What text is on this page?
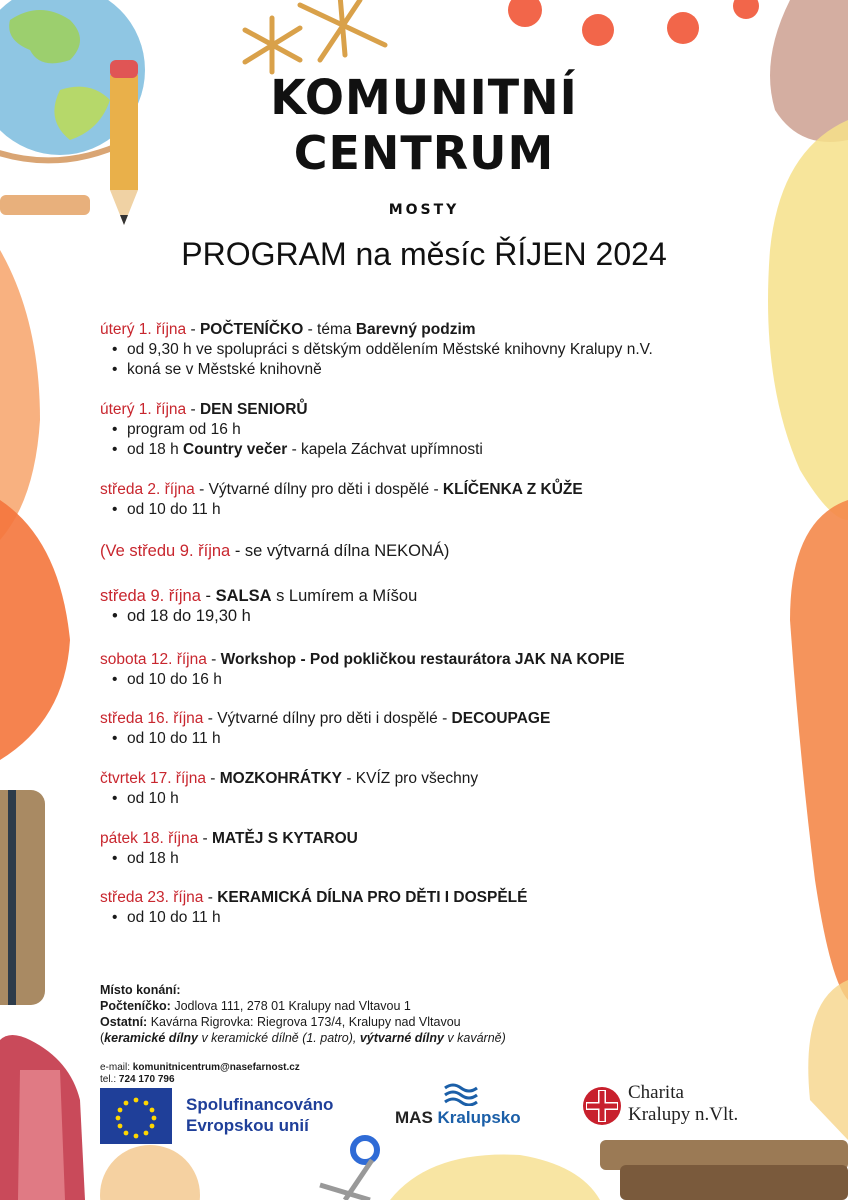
KOMUNITNÍ
CENTRUM
MOSTY
PROGRAM na měsíc ŘÍJEN 2024
úterý 1. října - POČTENÍČKO - téma Barevný podzim
• od 9,30 h ve spolupráci s dětským oddělením Městské knihovny Kralupy n.V.
• koná se v Městské knihovně
úterý 1. října - DEN SENIORŮ
• program od 16 h
• od 18 h Country večer - kapela Záchvat upřímnosti
středa 2. října - Výtvarné dílny pro děti i dospělé - KLÍČENKA Z KŮŽE
• od 10 do 11 h
(Ve středu 9. října - se výtvarná dílna NEKONÁ)
středa 9. října - SALSA s Lumírem a Míšou
• od 18 do 19,30 h
sobota 12. října - Workshop - Pod pokličkou restaurátora JAK NA KOPIE
• od 10 do 16 h
středa 16. října - Výtvarné dílny pro děti i dospělé - DECOUPAGE
• od 10 do 11 h
čtvrtek 17. října - MOZKOHRÁTKY - KVÍZ pro všechny
• od 10 h
pátek 18. října - MATĚJ S KYTAROU
• od 18 h
středa 23. října - KERAMICKÁ DÍLNA PRO DĚTI I DOSPĚLÉ
• od 10 do 11 h
Místo konání:
Počteníčko: Jodlova 111, 278 01 Kralupy nad Vltavou 1
Ostatní: Kavárna Rigrovka: Riegrova 173/4, Kralupy nad Vltavou
(keramické dílny v keramické dílně (1. patro), výtvarné dílny v kavárně)
e-mail: komunitnicentrum@nasefarnost.cz
tel.: 724 170 796
Spolufinancováno
Evropskou unií	MAS Kralupsko
Charita
Kralupy n.Vlt.
